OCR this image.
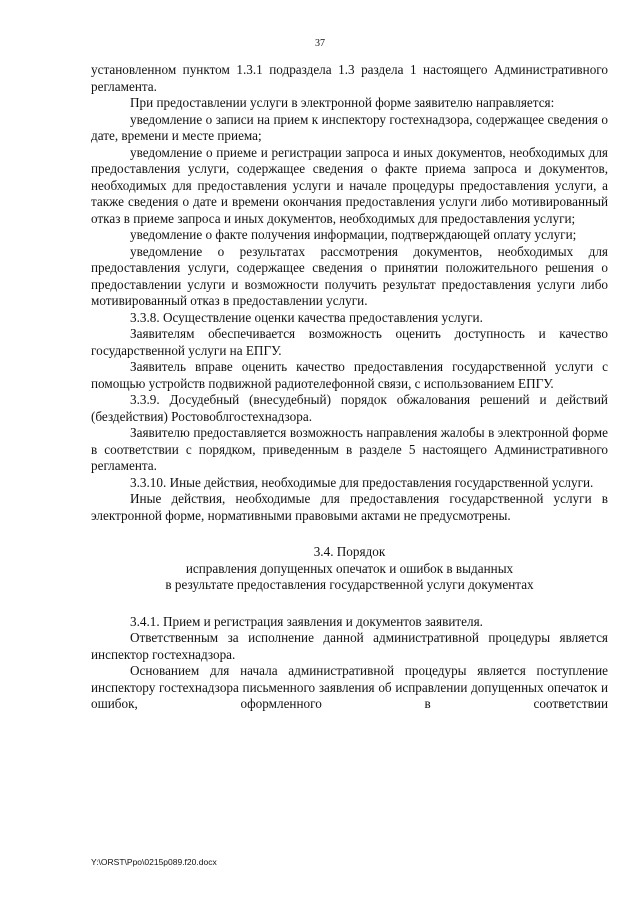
37

установленном пунктом 1.3.1 подраздела 1.3 раздела 1 настоящего Административного регламента.

При предоставлении услуги в электронной форме заявителю направляется:

уведомление о записи на прием к инспектору гостехнадзора, содержащее сведения о дате, времени и месте приема;

уведомление о приеме и регистрации запроса и иных документов, необходимых для предоставления услуги, содержащее сведения о факте приема запроса и документов, необходимых для предоставления услуги и начале процедуры предоставления услуги, а также сведения о дате и времени окончания предоставления услуги либо мотивированный отказ в приеме запроса и иных документов, необходимых для предоставления услуги;

уведомление о факте получения информации, подтверждающей оплату услуги;

уведомление о результатах рассмотрения документов, необходимых для предоставления услуги, содержащее сведения о принятии положительного решения о предоставлении услуги и возможности получить результат предоставления услуги либо мотивированный отказ в предоставлении услуги.

3.3.8. Осуществление оценки качества предоставления услуги.

Заявителям обеспечивается возможность оценить доступность и качество государственной услуги на ЕПГУ.

Заявитель вправе оценить качество предоставления государственной услуги с помощью устройств подвижной радиотелефонной связи, с использованием ЕПГУ.

3.3.9. Досудебный (внесудебный) порядок обжалования решений и действий (бездействия) Ростовоблгостехнадзора.

Заявителю предоставляется возможность направления жалобы в электронной форме в соответствии с порядком, приведенным в разделе 5 настоящего Административного регламента.

3.3.10. Иные действия, необходимые для предоставления государственной услуги.

Иные действия, необходимые для предоставления государственной услуги в электронной форме, нормативными правовыми актами не предусмотрены.

3.4. Порядок
исправления допущенных опечаток и ошибок в выданных
в результате предоставления государственной услуги документах

3.4.1. Прием и регистрация заявления и документов заявителя.

Ответственным за исполнение данной административной процедуры является инспектор гостехнадзора.

Основанием для начала административной процедуры является поступление инспектору гостехнадзора письменного заявления об исправлении допущенных опечаток и ошибок, оформленного в соответствии

Y:\ORST\Ppo\0215p089.f20.docx
